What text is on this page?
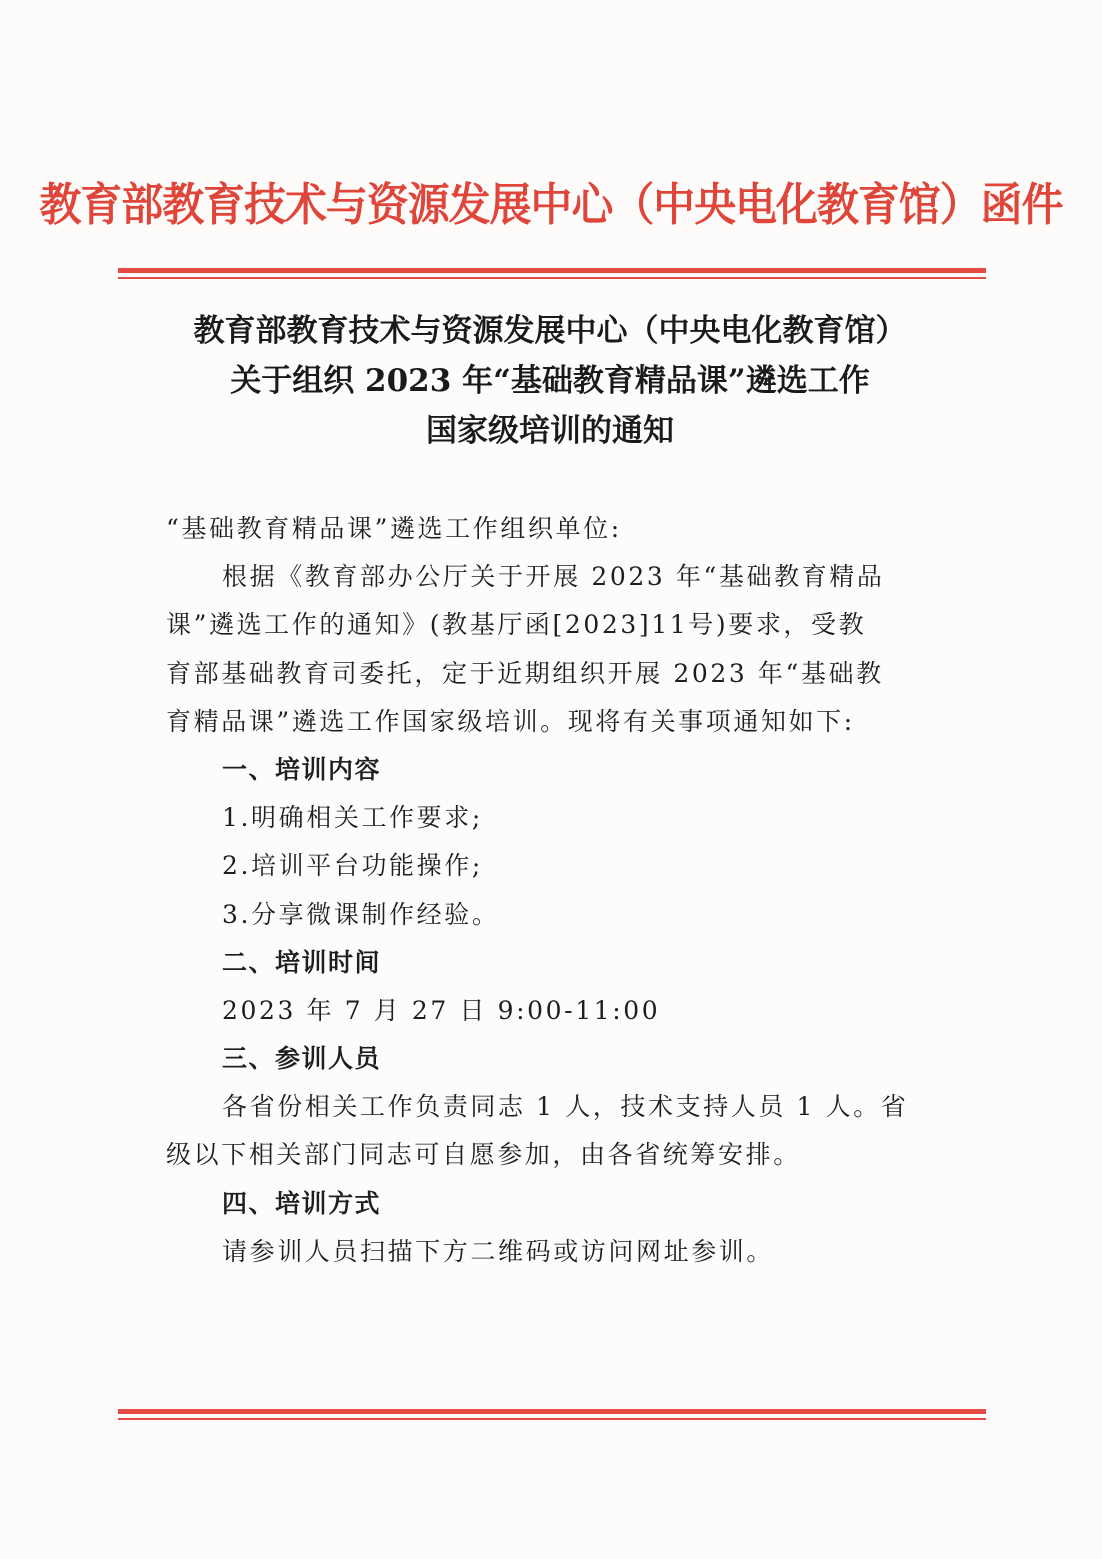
教育部教育技术与资源发展中心（中央电化教育馆）函件
教育部教育技术与资源发展中心（中央电化教育馆）
关于组织 2023 年“基础教育精品课”遴选工作
国家级培训的通知
“基础教育精品课”遴选工作组织单位:
根据《教育部办公厅关于开展 2023 年“基础教育精品
课”遴选工作的通知》(教基厅函[2023]11号)要求，受教
育部基础教育司委托，定于近期组织开展 2023 年“基础教
育精品课”遴选工作国家级培训。现将有关事项通知如下:
一、培训内容
1.明确相关工作要求;
2.培训平台功能操作;
3.分享微课制作经验。
二、培训时间
2023 年 7 月 27 日 9:00-11:00
三、参训人员
各省份相关工作负责同志 1 人，技术支持人员 1 人。省
级以下相关部门同志可自愿参加，由各省统筹安排。
四、培训方式
请参训人员扫描下方二维码或访问网址参训。
